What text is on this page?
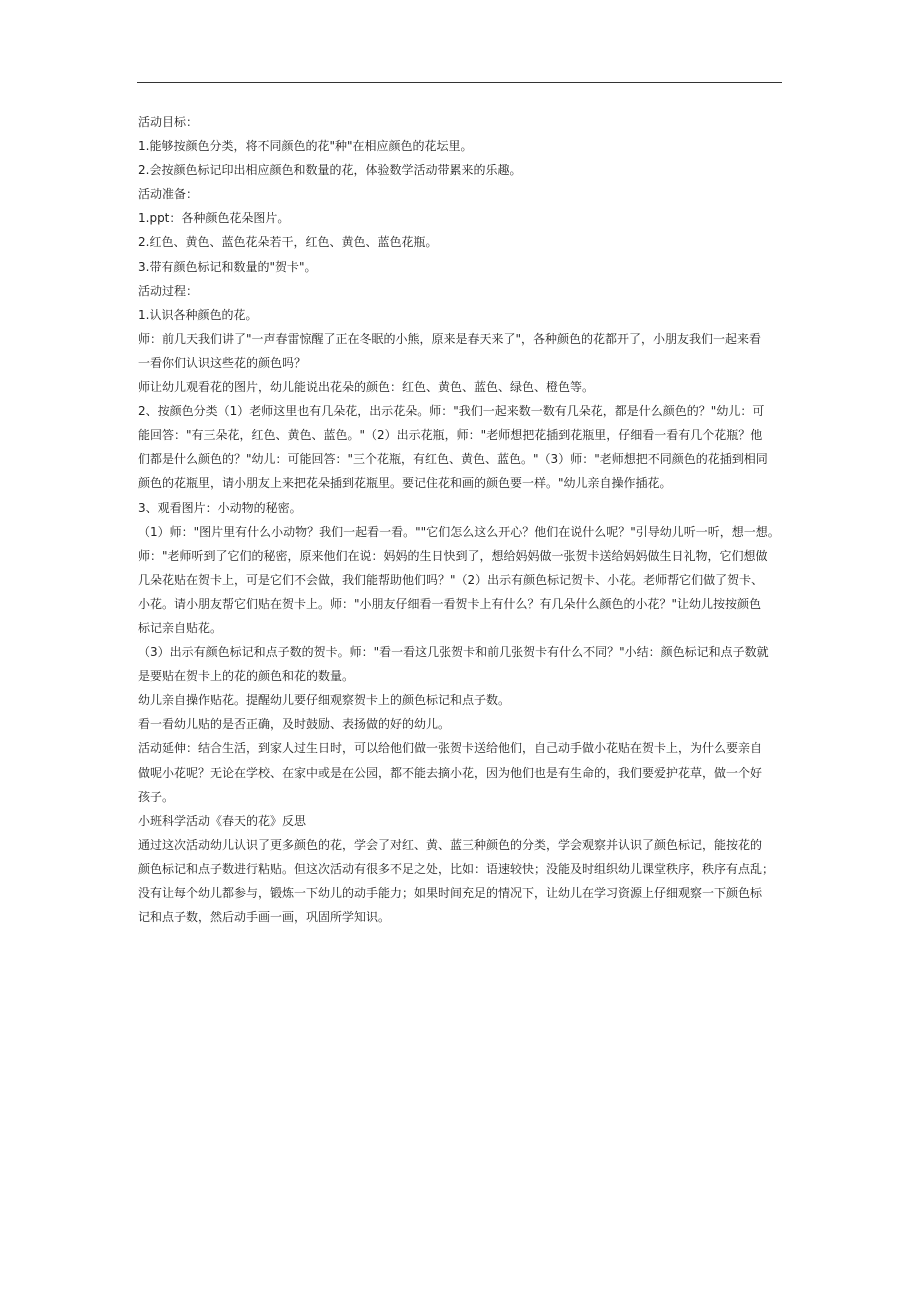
活动目标：
1.能够按颜色分类，将不同颜色的花"种"在相应颜色的花坛里。
2.会按颜色标记印出相应颜色和数量的花，体验数学活动带累来的乐趣。
活动准备：
1.ppt：各种颜色花朵图片。
2.红色、黄色、蓝色花朵若干，红色、黄色、蓝色花瓶。
3.带有颜色标记和数量的"贺卡"。
活动过程：
1.认识各种颜色的花。
师：前几天我们讲了"一声春雷惊醒了正在冬眠的小熊，原来是春天来了"，各种颜色的花都开了，小朋友我们一起来看
一看你们认识这些花的颜色吗？
师让幼儿观看花的图片，幼儿能说出花朵的颜色：红色、黄色、蓝色、绿色、橙色等。
2、按颜色分类（1）老师这里也有几朵花，出示花朵。师："我们一起来数一数有几朵花，都是什么颜色的？"幼儿：可
能回答："有三朵花，红色、黄色、蓝色。"（2）出示花瓶，师："老师想把花插到花瓶里，仔细看一看有几个花瓶？他
们都是什么颜色的？"幼儿：可能回答："三个花瓶，有红色、黄色、蓝色。"（3）师："老师想把不同颜色的花插到相同
颜色的花瓶里，请小朋友上来把花朵插到花瓶里。要记住花和画的颜色要一样。"幼儿亲自操作插花。
3、观看图片：小动物的秘密。
（1）师："图片里有什么小动物？我们一起看一看。""它们怎么这么开心？他们在说什么呢？"引导幼儿听一听，想一想。
师："老师听到了它们的秘密，原来他们在说：妈妈的生日快到了，想给妈妈做一张贺卡送给妈妈做生日礼物，它们想做
几朵花贴在贺卡上，可是它们不会做，我们能帮助他们吗？"（2）出示有颜色标记贺卡、小花。老师帮它们做了贺卡、
小花。请小朋友帮它们贴在贺卡上。师："小朋友仔细看一看贺卡上有什么？有几朵什么颜色的小花？"让幼儿按按颜色
标记亲自贴花。
（3）出示有颜色标记和点子数的贺卡。师："看一看这几张贺卡和前几张贺卡有什么不同？"小结：颜色标记和点子数就
是要贴在贺卡上的花的颜色和花的数量。
幼儿亲自操作贴花。提醒幼儿要仔细观察贺卡上的颜色标记和点子数。
看一看幼儿贴的是否正确，及时鼓励、表扬做的好的幼儿。
活动延伸：结合生活，到家人过生日时，可以给他们做一张贺卡送给他们，自己动手做小花贴在贺卡上，为什么要亲自
做呢小花呢？无论在学校、在家中或是在公园，都不能去摘小花，因为他们也是有生命的，我们要爱护花草，做一个好
孩子。
小班科学活动《春天的花》反思
通过这次活动幼儿认识了更多颜色的花，学会了对红、黄、蓝三种颜色的分类，学会观察并认识了颜色标记，能按花的
颜色标记和点子数进行粘贴。但这次活动有很多不足之处，比如：语速较快；没能及时组织幼儿课堂秩序，秩序有点乱；
没有让每个幼儿都参与，锻炼一下幼儿的动手能力；如果时间充足的情况下，让幼儿在学习资源上仔细观察一下颜色标
记和点子数，然后动手画一画，巩固所学知识。
